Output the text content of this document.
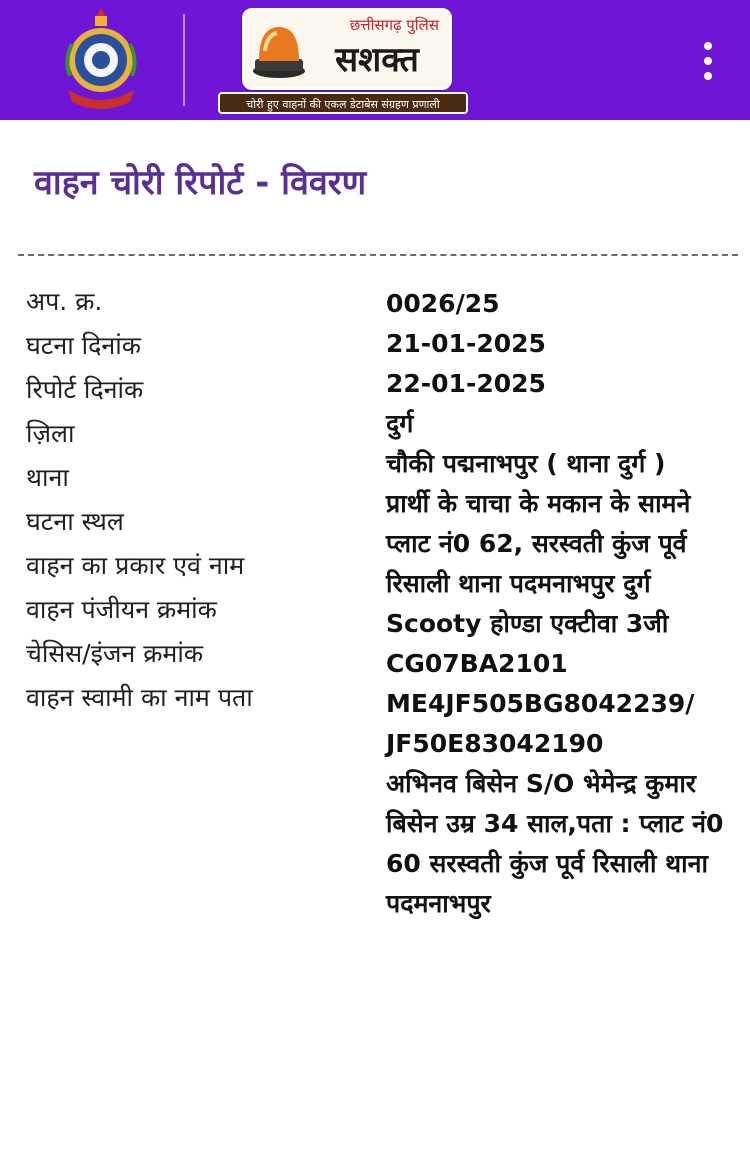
छत्तीसगढ़ पुलिस
सशक्त
चोरी हुए वाहनों की एकल डेटाबेस संग्रहण प्रणाली
वाहन चोरी रिपोर्ट - विवरण
अप. क्र.
घटना दिनांक
रिपोर्ट दिनांक
ज़िला
थाना
घटना स्थल
वाहन का प्रकार एवं नाम
वाहन पंजीयन क्रमांक
चेसिस/इंजन क्रमांक
वाहन स्वामी का नाम पता

0026/25

21-01-2025

22-01-2025

दुर्ग

चौकी पद्मनाभपुर ( थाना दुर्ग )

प्रार्थी के चाचा के मकान के सामने प्लाट नं0 62, सरस्वती कुंज पूर्व रिसाली थाना पदमनाभपुर दुर्ग

Scooty होण्डा एक्टीवा 3जी

CG07BA2101

ME4JF505BG8042239/ JF50E83042190

अभिनव बिसेन S/O भेमेन्द्र कुमार बिसेन उम्र 34 साल,पता : प्लाट नं0 60 सरस्वती कुंज पूर्व रिसाली थाना पदमनाभपुर
